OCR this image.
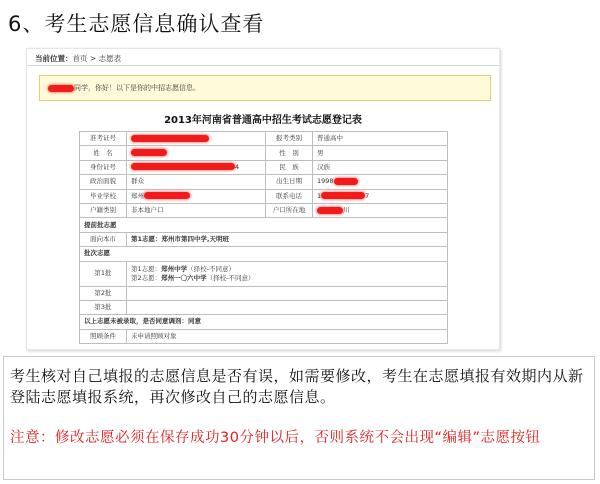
6、考生志愿信息确认查看
当前位置：首页 > 志愿表
同学，你好！以下是你的中招志愿信息。
2013年河南省普通高中招生考试志愿登记表
准考证号		报考类别	普通高中
姓　名		性　别	男
身份证号	4	民　族	汉族
政治面貌	群众	出生日期	1998
毕业学校	郑州	联系电话	1 7
户籍类别	非本地户口	户口所在地	川
提前批志愿			
面向本市	第1志愿：郑州市第四中学,天明班		
批次志愿			
第1批	第1志愿：郑州中学（择校-不同意）
第2志愿：郑州一〇六中学（择校-不同意）		

第2批			
第3批			
以上志愿未被录取，是否同意调剂：同意			
照顾条件	未申请照顾对象		
考生核对自己填报的志愿信息是否有误，如需要修改，考生在志愿填报有效期内从新登陆志愿填报系统，再次修改自己的志愿信息。
注意：修改志愿必须在保存成功30分钟以后，否则系统不会出现“编辑”志愿按钮
